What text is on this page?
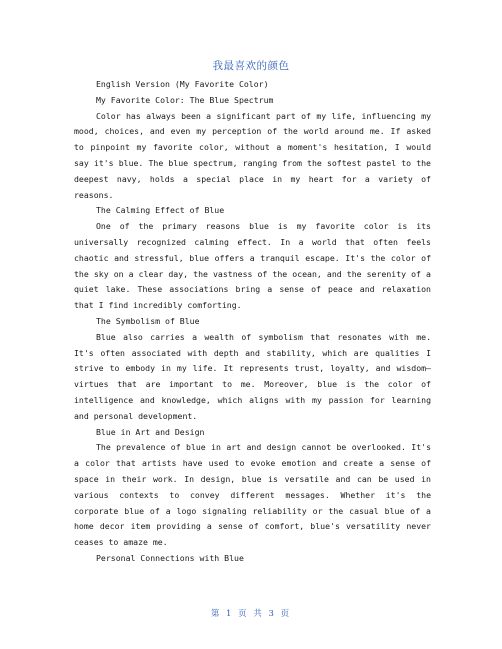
我最喜欢的颜色

English Version (My Favorite Color)

My Favorite Color: The Blue Spectrum

Color has always been a significant part of my life, influencing my mood, choices, and even my perception of the world around me. If asked to pinpoint my favorite color, without a moment's hesitation, I would say it's blue. The blue spectrum, ranging from the softest pastel to the deepest navy, holds a special place in my heart for a variety of reasons.

The Calming Effect of Blue

One of the primary reasons blue is my favorite color is its universally recognized calming effect. In a world that often feels chaotic and stressful, blue offers a tranquil escape. It's the color of the sky on a clear day, the vastness of the ocean, and the serenity of a quiet lake. These associations bring a sense of peace and relaxation that I find incredibly comforting.

The Symbolism of Blue

Blue also carries a wealth of symbolism that resonates with me. It's often associated with depth and stability, which are qualities I strive to embody in my life. It represents trust, loyalty, and wisdom—virtues that are important to me. Moreover, blue is the color of intelligence and knowledge, which aligns with my passion for learning and personal development.

Blue in Art and Design

The prevalence of blue in art and design cannot be overlooked. It's a color that artists have used to evoke emotion and create a sense of space in their work. In design, blue is versatile and can be used in various contexts to convey different messages. Whether it's the corporate blue of a logo signaling reliability or the casual blue of a home decor item providing a sense of comfort, blue's versatility never ceases to amaze me.

Personal Connections with Blue

第 1 页 共 3 页
